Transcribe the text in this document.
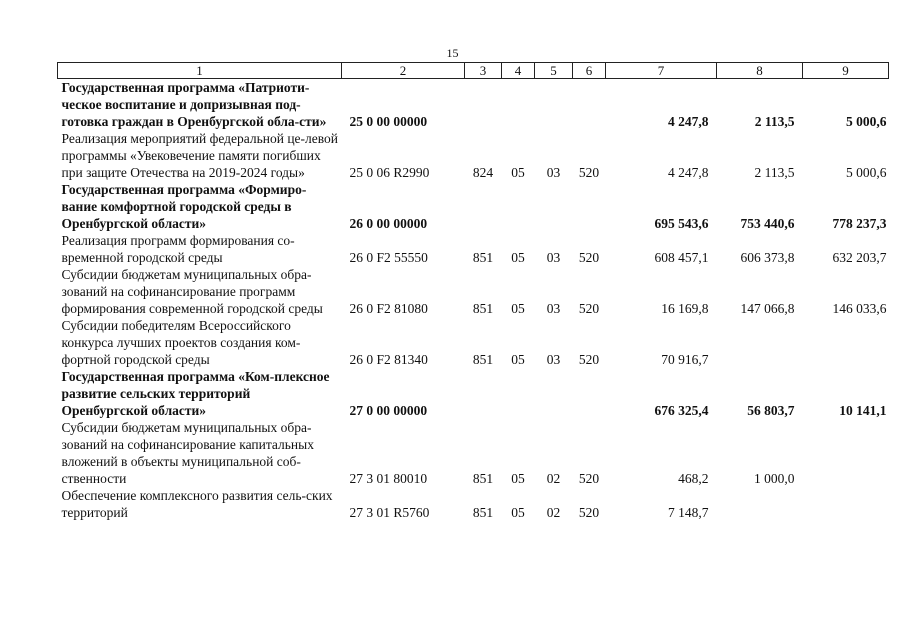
15
1	2	3	4	5	6	7	8	9
Государственная программа «Патриоти-ческое воспитание и допризывная под-готовка граждан в Оренбургской обла-сти»	25 0 00 00000					4 247,8	2 113,5	5 000,6
Реализация мероприятий федеральной це-левой программы «Увековечение памяти погибших при защите Отечества на 2019-2024 годы»	25 0 06 R2990	824	05	03	520	4 247,8	2 113,5	5 000,6
Государственная программа «Формиро-вание комфортной городской среды в Оренбургской области»	26 0 00 00000					695 543,6	753 440,6	778 237,3
Реализация программ формирования со-временной городской среды	26 0 F2 55550	851	05	03	520	608 457,1	606 373,8	632 203,7
Субсидии бюджетам муниципальных обра-зований на софинансирование программ формирования современной городской среды	26 0 F2 81080	851	05	03	520	16 169,8	147 066,8	146 033,6
Субсидии победителям Всероссийского конкурса лучших проектов создания ком-фортной городской среды	26 0 F2 81340	851	05	03	520	70 916,7		
Государственная программа «Ком-плексное развитие сельских территорий Оренбургской области»	27 0 00 00000					676 325,4	56 803,7	10 141,1
Субсидии бюджетам муниципальных обра-зований на софинансирование капитальных вложений в объекты муниципальной соб-ственности	27 3 01 80010	851	05	02	520	468,2	1 000,0	
Обеспечение комплексного развития сель-ских территорий	27 3 01 R5760	851	05	02	520	7 148,7		
